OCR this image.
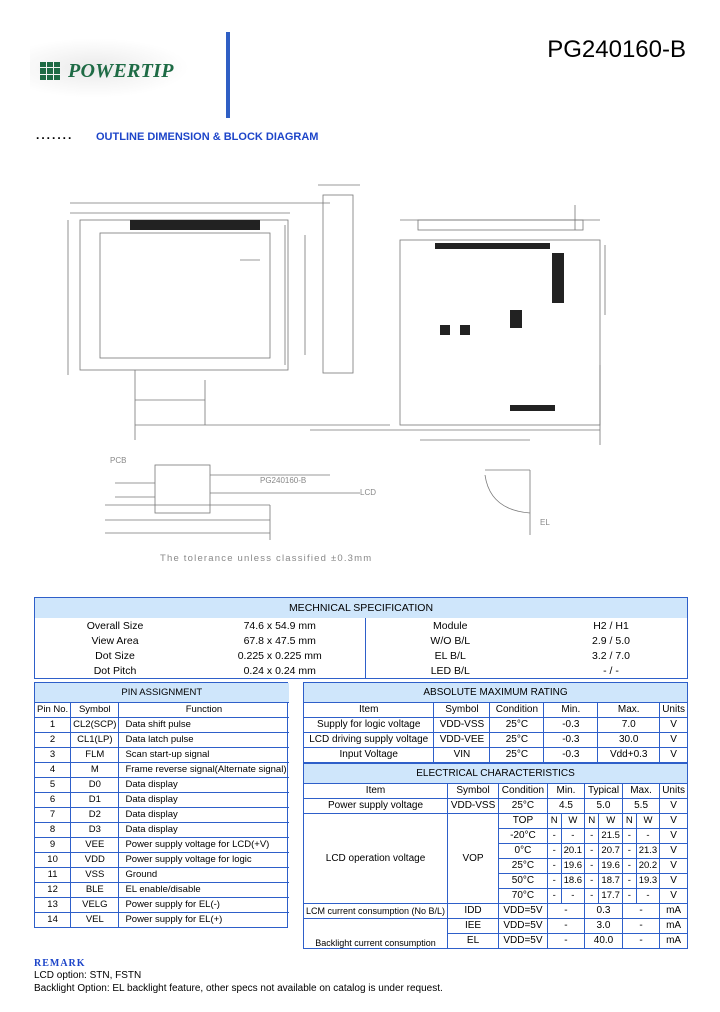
POWERTIP
PG240160-B
....... OUTLINE DIMENSION & BLOCK DIAGRAM
PG240160-B
LCD
PCB
EL
The tolerance unless classified ±0.3mm
MECHNICAL SPECIFICATION			
Overall Size	74.6 x 54.9 mm	Module	H2 / H1
View Area	67.8 x 47.5 mm	W/O B/L	2.9 / 5.0
Dot Size	0.225 x 0.225 mm	EL B/L	3.2 / 7.0
Dot Pitch	0.24 x 0.24 mm	LED B/L	- / -
PIN ASSIGNMENT		
Pin No.	Symbol	Function
1	CL2(SCP)	Data shift pulse
2	CL1(LP)	Data latch pulse
3	FLM	Scan start-up signal
4	M	Frame reverse signal(Alternate signal)
5	D0	Data display
6	D1	Data display
7	D2	Data display
8	D3	Data display
9	VEE	Power supply voltage for LCD(+V)
10	VDD	Power supply voltage for logic
11	VSS	Ground
12	BLE	EL enable/disable
13	VELG	Power supply for EL(-)
14	VEL	Power supply for EL(+)
ABSOLUTE MAXIMUM RATING					
Item	Symbol	Condition	Min.	Max.	Units
Supply for logic voltage	VDD-VSS	25°C	-0.3	7.0	V
LCD driving supply voltage	VDD-VEE	25°C	-0.3	30.0	V
Input Voltage	VIN	25°C	-0.3	Vdd+0.3	V
ELECTRICAL CHARACTERISTICS									
Item	Symbol	Condition	Min.		Typical		Max.		Units
Power supply voltage	VDD-VSS	25°C	4.5		5.0		5.5		V
LCD operation voltage	VOP	TOP	N	W	N	W	N	W	V
		-20°C	-	-	-	21.5	-	-	V
		0°C	-	20.1	-	20.7	-	21.3	V
		25°C	-	19.6	-	19.6	-	20.2	V
		50°C	-	18.6	-	18.7	-	19.3	V
		70°C	-	-	-	17.7	-	-	V
LCM current consumption (No B/L)	IDD	VDD=5V	-		0.3		-		mA
Backlight current consumption	IEE	VDD=5V	-		3.0		-		mA
	EL	VDD=5V	-		40.0		-		mA
REMARK
LCD option: STN, FSTN
Backlight Option: EL backlight feature, other specs not available on catalog is under request.
